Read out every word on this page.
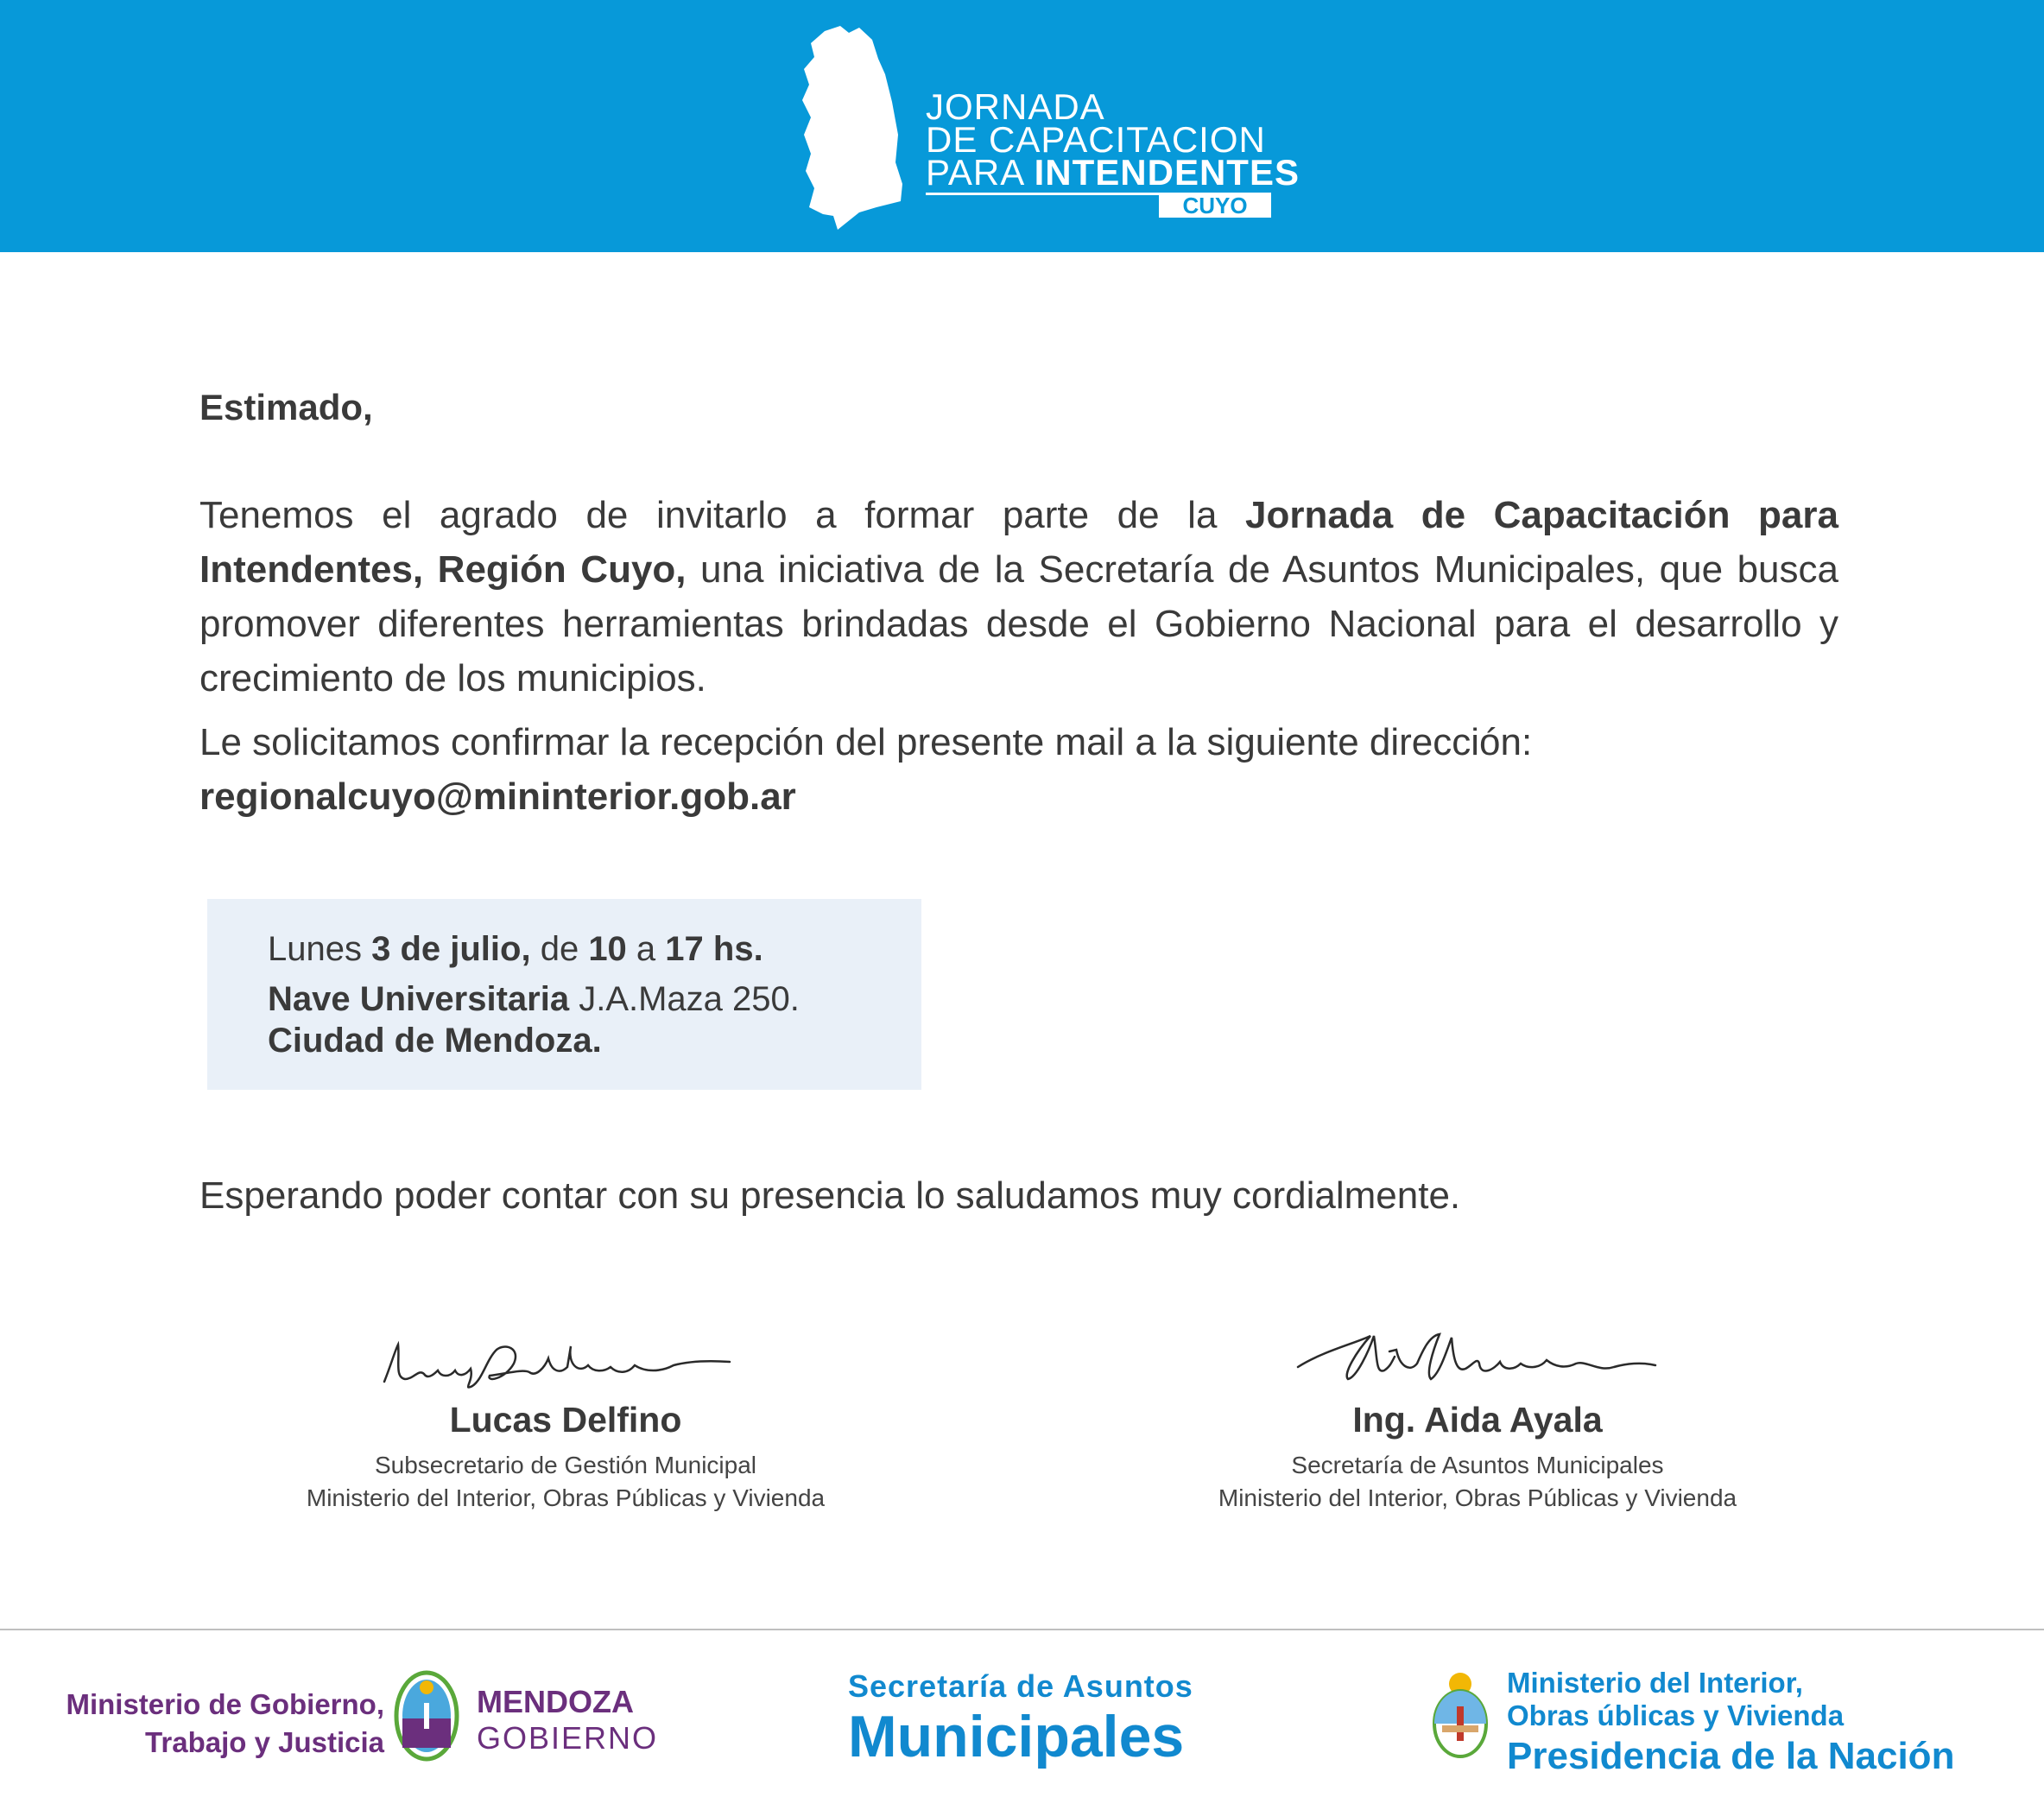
JORNADA
DE CAPACITACION
PARA INTENDENTES
CUYO
Estimado,
Tenemos el agrado de invitarlo a formar parte de la Jornada de Capacitación para Intendentes, Región Cuyo, una iniciativa de la Secretaría de Asuntos Municipales, que busca promover diferentes herramientas brindadas desde el Gobierno Nacional para el desarrollo y crecimiento de los municipios.
Le solicitamos confirmar la recepción del presente mail a la siguiente dirección:
regionalcuyo@mininterior.gob.ar
Lunes 3 de julio, de 10 a 17 hs.
Nave Universitaria J.A.Maza 250.
Ciudad de Mendoza.
Esperando poder contar con su presencia lo saludamos muy cordialmente.
Lucas Delfino
Subsecretario de Gestión Municipal
Ministerio del Interior, Obras Públicas y Vivienda
Ing. Aida Ayala
Secretaría de Asuntos Municipales
Ministerio del Interior, Obras Públicas y Vivienda
Ministerio de Gobierno,
Trabajo y Justicia
MENDOZA
GOBIERNO
Secretaría de Asuntos
Municipales
Ministerio del Interior,
Obras úblicas y Vivienda
Presidencia de la Nación
